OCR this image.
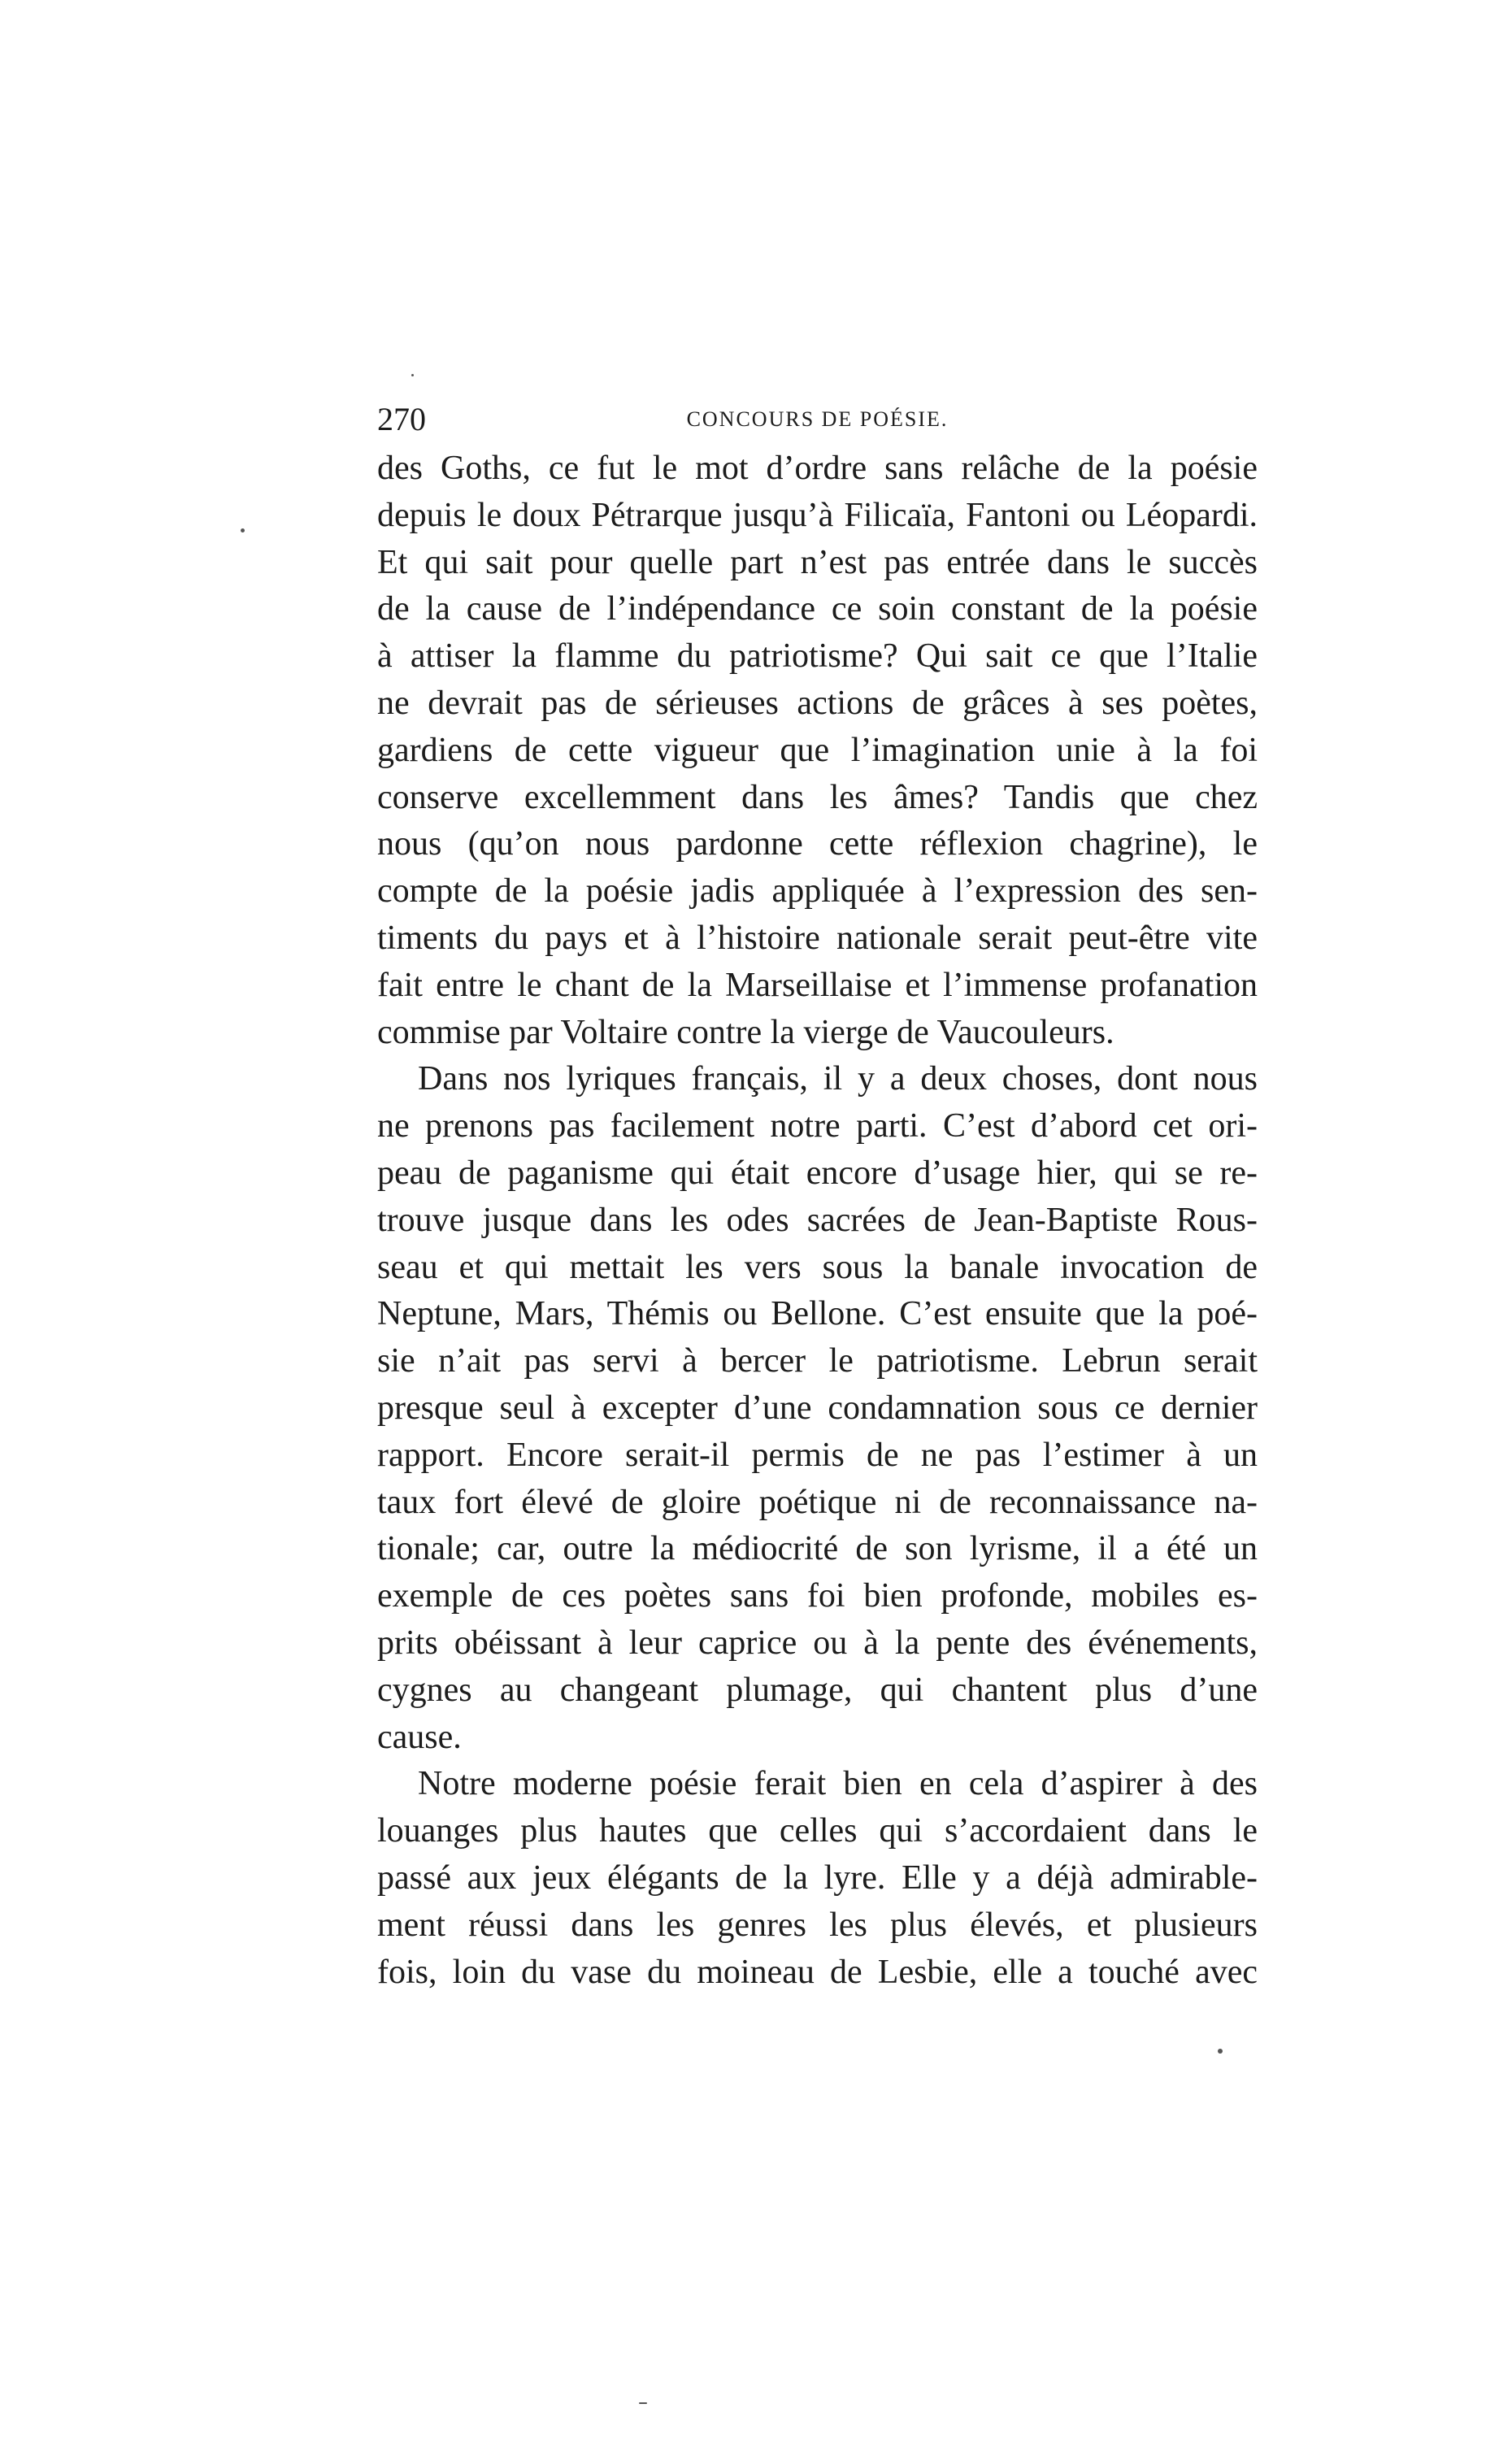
270	CONCOURS DE POÉSIE.
des Goths, ce fut le mot d’ordre sans relâche de la poésie
depuis le doux Pétrarque jusqu’à Filicaïa, Fantoni ou Léopardi.
Et qui sait pour quelle part n’est pas entrée dans le succès
de la cause de l’indépendance ce soin constant de la poésie
à attiser la flamme du patriotisme? Qui sait ce que l’Italie
ne devrait pas de sérieuses actions de grâces à ses poètes,
gardiens de cette vigueur que l’imagination unie à la foi
conserve excellemment dans les âmes? Tandis que chez
nous (qu’on nous pardonne cette réflexion chagrine), le
compte de la poésie jadis appliquée à l’expression des sen-
timents du pays et à l’histoire nationale serait peut-être vite
fait entre le chant de la Marseillaise et l’immense profanation
commise par Voltaire contre la vierge de Vaucouleurs.
Dans nos lyriques français, il y a deux choses, dont nous
ne prenons pas facilement notre parti. C’est d’abord cet ori-
peau de paganisme qui était encore d’usage hier, qui se re-
trouve jusque dans les odes sacrées de Jean-Baptiste Rous-
seau et qui mettait les vers sous la banale invocation de
Neptune, Mars, Thémis ou Bellone. C’est ensuite que la poé-
sie n’ait pas servi à bercer le patriotisme. Lebrun serait
presque seul à excepter d’une condamnation sous ce dernier
rapport. Encore serait-il permis de ne pas l’estimer à un
taux fort élevé de gloire poétique ni de reconnaissance na-
tionale; car, outre la médiocrité de son lyrisme, il a été un
exemple de ces poètes sans foi bien profonde, mobiles es-
prits obéissant à leur caprice ou à la pente des événements,
cygnes au changeant plumage, qui chantent plus d’une
cause.
Notre moderne poésie ferait bien en cela d’aspirer à des
louanges plus hautes que celles qui s’accordaient dans le
passé aux jeux élégants de la lyre. Elle y a déjà admirable-
ment réussi dans les genres les plus élevés, et plusieurs
fois, loin du vase du moineau de Lesbie, elle a touché avec
